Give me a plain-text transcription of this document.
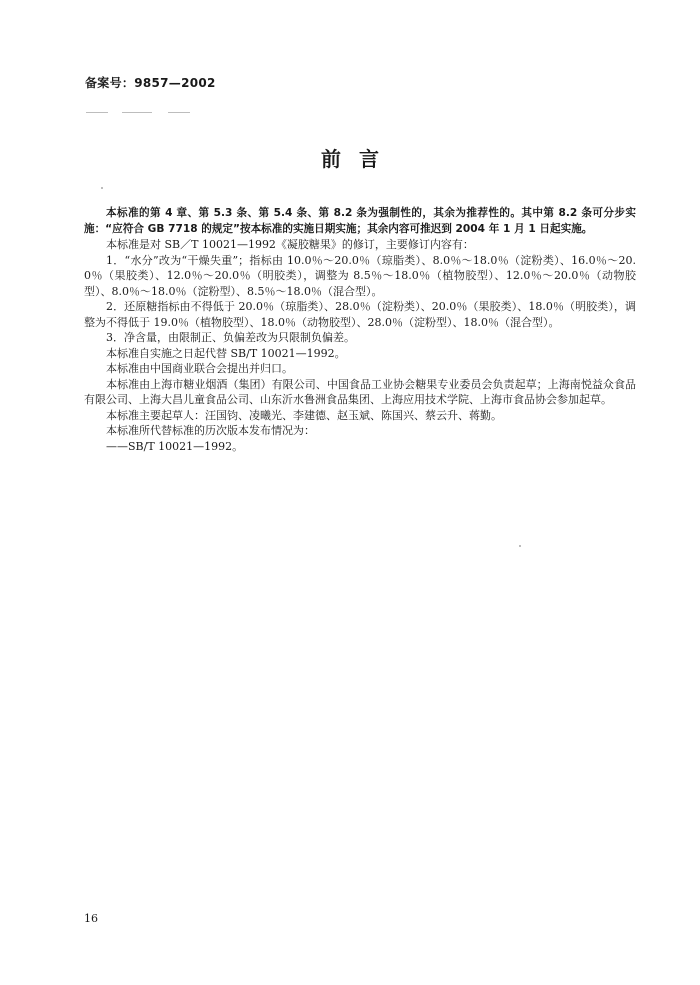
备案号：9857—2002
前言

本标准的第 4 章、第 5.3 条、第 5.4 条、第 8.2 条为强制性的，其余为推荐性的。其中第 8.2 条可分步实施：“应符合 GB 7718 的规定”按本标准的实施日期实施；其余内容可推迟到 2004 年 1 月 1 日起实施。

本标准是对 SB／T 10021—1992《凝胶糖果》的修订，主要修订内容有：

1．“水分”改为“干燥失重”；指标由 10.0％～20.0％（琼脂类）、8.0％～18.0％（淀粉类）、16.0％～20.0％（果胶类）、12.0％～20.0％（明胶类），调整为 8.5％～18.0％（植物胶型）、12.0％～20.0％（动物胶型）、8.0％～18.0％（淀粉型）、8.5％～18.0％（混合型）。

2．还原糖指标由不得低于 20.0％（琼脂类）、28.0％（淀粉类）、20.0％（果胶类）、18.0％（明胶类），调整为不得低于 19.0％（植物胶型）、18.0％（动物胶型）、28.0％（淀粉型）、18.0％（混合型）。

3．净含量，由限制正、负偏差改为只限制负偏差。

本标准自实施之日起代替 SB/T 10021—1992。

本标准由中国商业联合会提出并归口。

本标准由上海市糖业烟酒（集团）有限公司、中国食品工业协会糖果专业委员会负责起草；上海南悦益众食品有限公司、上海大昌儿童食品公司、山东沂水鲁洲食品集团、上海应用技术学院、上海市食品协会参加起草。

本标准主要起草人：汪国钧、凌曦光、李建德、赵玉斌、陈国兴、蔡云升、蒋勤。

本标准所代替标准的历次版本发布情况为：

——SB/T 10021—1992。

16
